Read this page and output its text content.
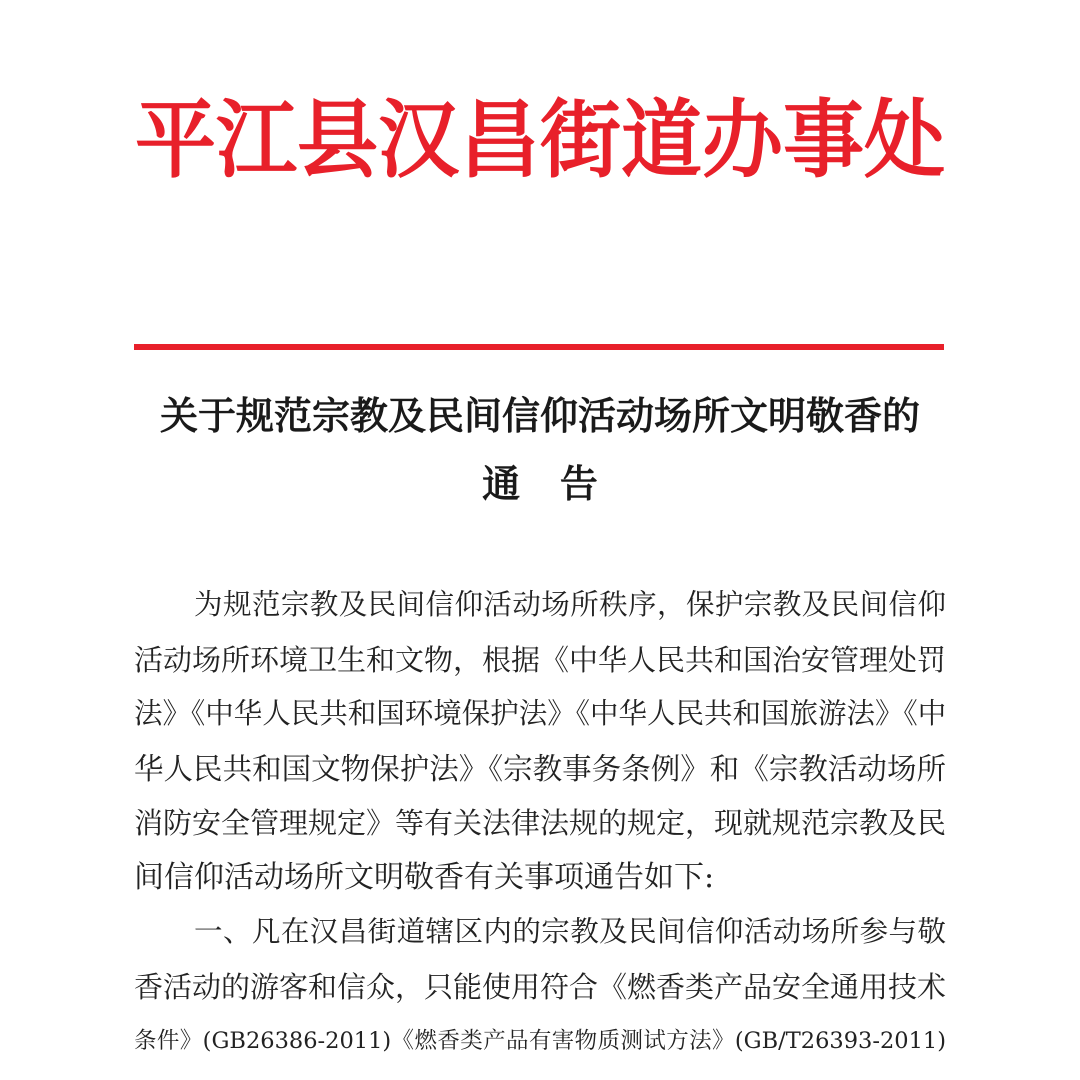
平江县汉昌街道办事处
关于规范宗教及民间信仰活动场所文明敬香的
通   告
为规范宗教及民间信仰活动场所秩序，保护宗教及民间信仰
活动场所环境卫生和文物，根据《中华人民共和国治安管理处罚
法》《中华人民共和国环境保护法》《中华人民共和国旅游法》《中
华人民共和国文物保护法》《宗教事务条例》和《宗教活动场所
消防安全管理规定》等有关法律法规的规定，现就规范宗教及民
间信仰活动场所文明敬香有关事项通告如下:
一、凡在汉昌街道辖区内的宗教及民间信仰活动场所参与敬
香活动的游客和信众，只能使用符合《燃香类产品安全通用技术
条件》(GB26386-2011)《燃香类产品有害物质测试方法》(GB/T26393-2011)
